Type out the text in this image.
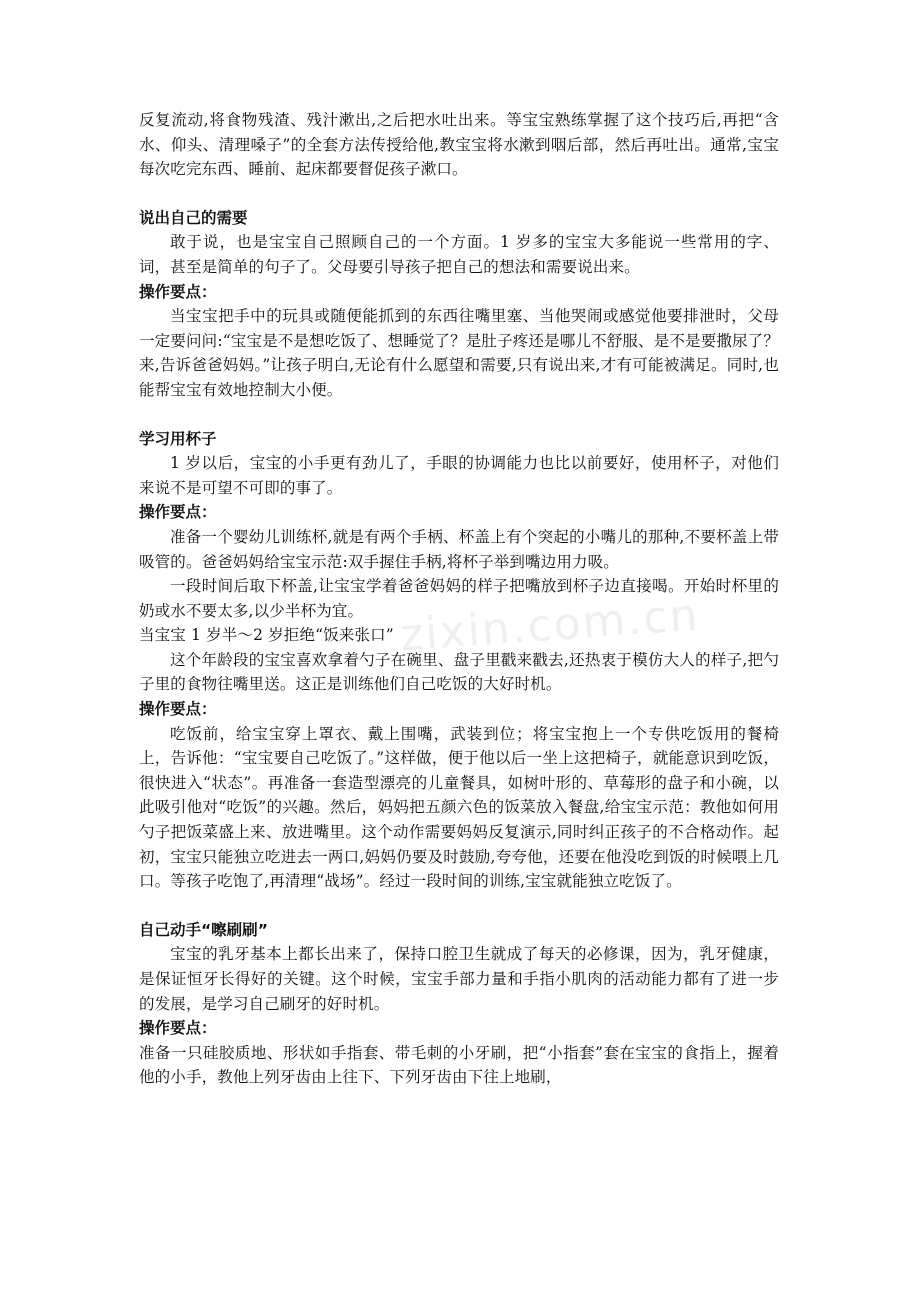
zixin.com.cn

反复流动,将食物残渣、残汁漱出,之后把水吐出来。等宝宝熟练掌握了这个技巧后,再把“含水、仰头、清理嗓子”的全套方法传授给他,教宝宝将水漱到咽后部，然后再吐出。通常,宝宝 每次吃完东西、睡前、起床都要督促孩子漱口。

说出自己的需要

敢于说，也是宝宝自己照顾自己的一个方面。1 岁多的宝宝大多能说一些常用的字、词，甚至是简单的句子了。父母要引导孩子把自己的想法和需要说出来。

操作要点：

当宝宝把手中的玩具或随便能抓到的东西往嘴里塞、当他哭闹或感觉他要排泄时，父母一定要问问:“宝宝是不是想吃饭了、想睡觉了？是肚子疼还是哪儿不舒服、是不是要撒尿了？来,告诉爸爸妈妈。”让孩子明白,无论有什么愿望和需要,只有说出来,才有可能被满足。同时,也能帮宝宝有效地控制大小便。

学习用杯子

1 岁以后，宝宝的小手更有劲儿了，手眼的协调能力也比以前要好，使用杯子，对他们来说不是可望不可即的事了。

操作要点：

准备一个婴幼儿训练杯,就是有两个手柄、杯盖上有个突起的小嘴儿的那种,不要杯盖上带吸管的。爸爸妈妈给宝宝示范:双手握住手柄,将杯子举到嘴边用力吸。

一段时间后取下杯盖,让宝宝学着爸爸妈妈的样子把嘴放到杯子边直接喝。开始时杯里的奶或水不要太多,以少半杯为宜。

当宝宝 1 岁半～2 岁拒绝“饭来张口”

这个年龄段的宝宝喜欢拿着勺子在碗里、盘子里戳来戳去,还热衷于模仿大人的样子,把勺子里的食物往嘴里送。这正是训练他们自己吃饭的大好时机。

操作要点：

吃饭前，给宝宝穿上罩衣、戴上围嘴，武装到位；将宝宝抱上一个专供吃饭用的餐椅上，告诉他：“宝宝要自己吃饭了。”这样做，便于他以后一坐上这把椅子，就能意识到吃饭，很快进入“状态”。再准备一套造型漂亮的儿童餐具，如树叶形的、草莓形的盘子和小碗，以此吸引他对“吃饭”的兴趣。然后，妈妈把五颜六色的饭菜放入餐盘,给宝宝示范：教他如何用勺子把饭菜盛上来、放进嘴里。这个动作需要妈妈反复演示,同时纠正孩子的不合格动作。起初，宝宝只能独立吃进去一两口,妈妈仍要及时鼓励,夸夸他，还要在他没吃到饭的时候喂上几口。等孩子吃饱了,再清理“战场”。经过一段时间的训练,宝宝就能独立吃饭了。

自己动手“嚓刷刷”

宝宝的乳牙基本上都长出来了，保持口腔卫生就成了每天的必修课，因为，乳牙健康，是保证恒牙长得好的关键。这个时候，宝宝手部力量和手指小肌肉的活动能力都有了进一步的发展，是学习自己刷牙的好时机。

操作要点：

准备一只硅胶质地、形状如手指套、带毛刺的小牙刷，把“小指套”套在宝宝的食指上，握着他的小手，教他上列牙齿由上往下、下列牙齿由下往上地刷，
